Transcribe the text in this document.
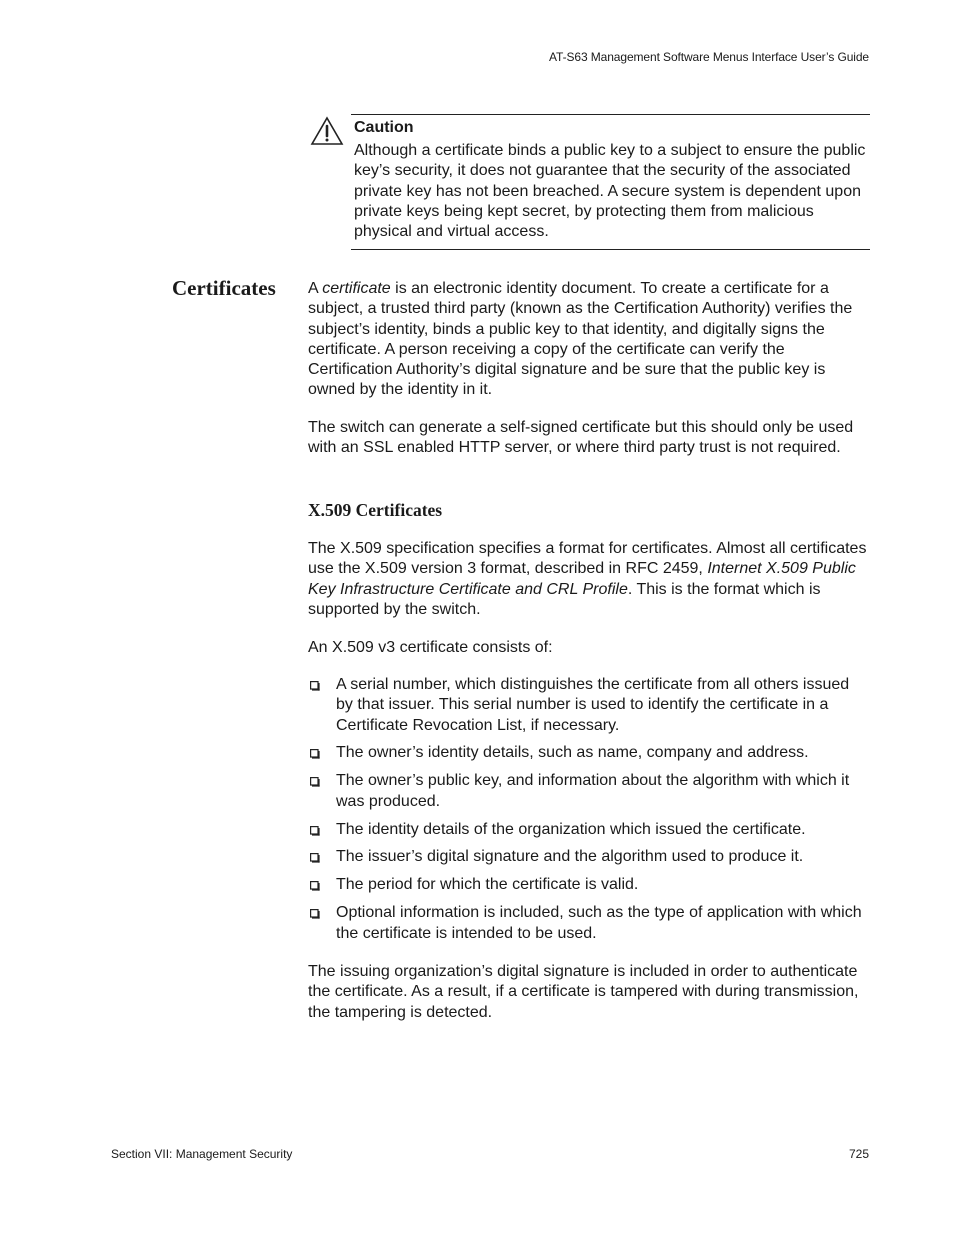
AT-S63 Management Software Menus Interface User’s Guide
Caution
Although a certificate binds a public key to a subject to ensure the public key’s security, it does not guarantee that the security of the associated private key has not been breached. A secure system is dependent upon private keys being kept secret, by protecting them from malicious physical and virtual access.
Certificates A certificate is an electronic identity document. To create a certificate for a subject, a trusted third party (known as the Certification Authority) verifies the subject’s identity, binds a public key to that identity, and digitally signs the certificate. A person receiving a copy of the certificate can verify the Certification Authority’s digital signature and be sure that the public key is owned by the identity in it.

The switch can generate a self-signed certificate but this should only be used with an SSL enabled HTTP server, or where third party trust is not required.

X.509 Certificates

The X.509 specification specifies a format for certificates. Almost all certificates use the X.509 version 3 format, described in RFC 2459, Internet X.509 Public Key Infrastructure Certificate and CRL Profile. This is the format which is supported by the switch.

An X.509 v3 certificate consists of:

A serial number, which distinguishes the certificate from all others issued by that issuer. This serial number is used to identify the certificate in a Certificate Revocation List, if necessary.
The owner’s identity details, such as name, company and address.
The owner’s public key, and information about the algorithm with which it was produced.
The identity details of the organization which issued the certificate.
The issuer’s digital signature and the algorithm used to produce it.
The period for which the certificate is valid.
Optional information is included, such as the type of application with which the certificate is intended to be used.

The issuing organization’s digital signature is included in order to authenticate the certificate. As a result, if a certificate is tampered with during transmission, the tampering is detected.

Section VII: Management Security	725
